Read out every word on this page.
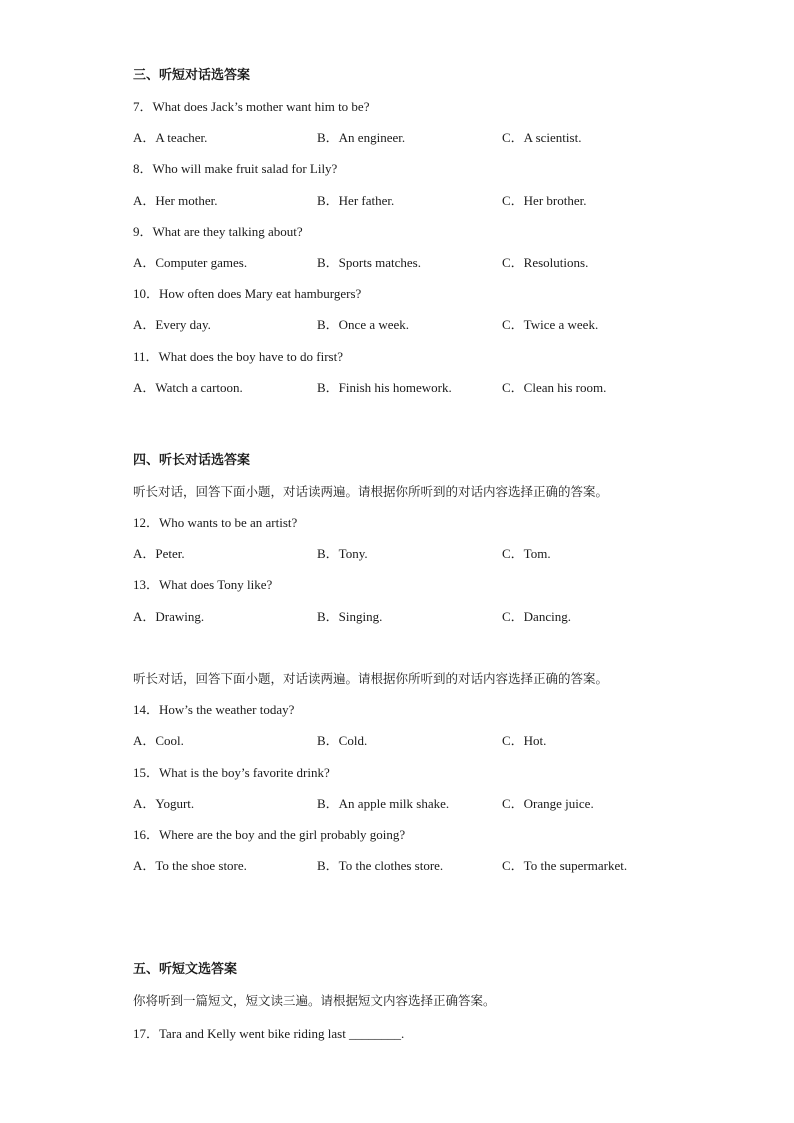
三、听短对话选答案
7．What does Jack’s mother want him to be?
A．A teacher.	B．An engineer.	C．A scientist.
8．Who will make fruit salad for Lily?
A．Her mother.	B．Her father.	C．Her brother.
9．What are they talking about?
A．Computer games.	B．Sports matches.	C．Resolutions.
10．How often does Mary eat hamburgers?
A．Every day.	B．Once a week.	C．Twice a week.
11．What does the boy have to do first?
A．Watch a cartoon.	B．Finish his homework.	C．Clean his room.
四、听长对话选答案
听长对话，回答下面小题，对话读两遍。请根据你所听到的对话内容选择正确的答案。
12．Who wants to be an artist?
A．Peter.	B．Tony.	C．Tom.
13．What does Tony like?
A．Drawing.	B．Singing.	C．Dancing.
听长对话，回答下面小题，对话读两遍。请根据你所听到的对话内容选择正确的答案。
14．How’s the weather today?
A．Cool.	B．Cold.	C．Hot.
15．What is the boy’s favorite drink?
A．Yogurt.	B．An apple milk shake.	C．Orange juice.
16．Where are the boy and the girl probably going?
A．To the shoe store.	B．To the clothes store.	C．To the supermarket.
五、听短文选答案
你将听到一篇短文，短文读三遍。请根据短文内容选择正确答案。
17．Tara and Kelly went bike riding last ________.
